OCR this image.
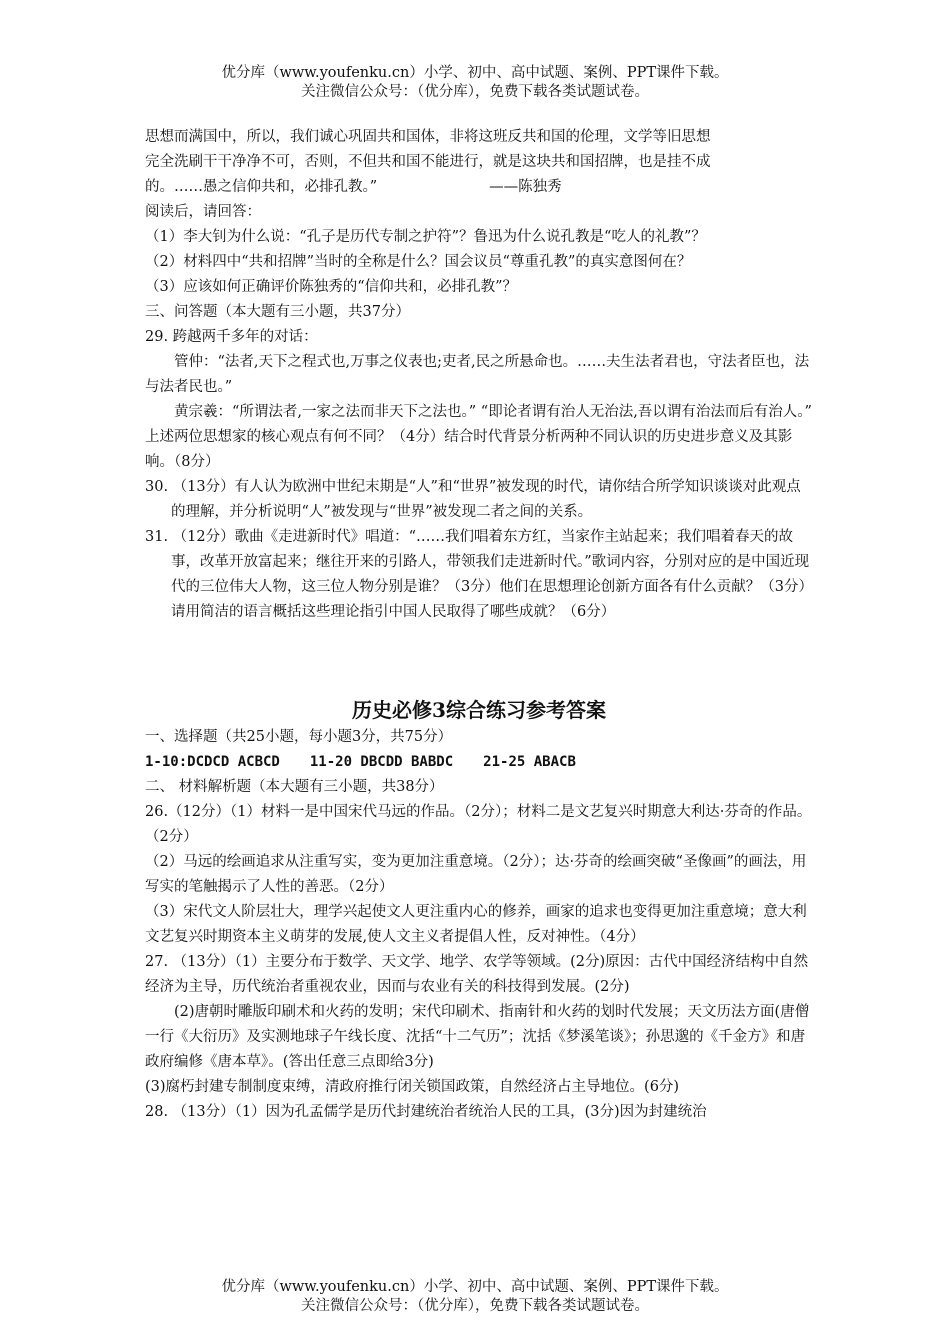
优分库（www.youfenku.cn）小学、初中、高中试题、案例、PPT课件下载。
关注微信公众号：（优分库），免费下载各类试题试卷。

思想而满国中，所以，我们诚心巩固共和国体，非将这班反共和国的伦理，文学等旧思想

完全洗刷干干净净不可，否则，不但共和国不能进行，就是这块共和国招牌，也是挂不成

的。……愚之信仰共和，必排孔教。”	——陈独秀

阅读后，请回答：

（1）李大钊为什么说：“孔子是历代专制之护符”？鲁迅为什么说孔教是“吃人的礼教”？

（2）材料四中“共和招牌”当时的全称是什么？国会议员“尊重孔教”的真实意图何在？

（3）应该如何正确评价陈独秀的“信仰共和，必排孔教”？

三、问答题（本大题有三小题，共37分）

29. 跨越两千多年的对话：

管仲：“法者,天下之程式也,万事之仪表也;吏者,民之所悬命也。……夫生法者君也，守法者臣也，法与法者民也。”

黄宗羲：“所谓法者,一家之法而非天下之法也。” “即论者谓有治人无治法,吾以谓有治法而后有治人。”

上述两位思想家的核心观点有何不同？（4分）结合时代背景分析两种不同认识的历史进步意义及其影响。（8分）

30. （13分）有人认为欧洲中世纪末期是“人”和“世界”被发现的时代，请你结合所学知识谈谈对此观点的理解，并分析说明“人”被发现与“世界”被发现二者之间的关系。

31. （12分）歌曲《走进新时代》唱道：“……我们唱着东方红，当家作主站起来；我们唱着春天的故事，改革开放富起来；继往开来的引路人，带领我们走进新时代。”歌词内容，分别对应的是中国近现代的三位伟大人物，这三位人物分别是谁？（3分）他们在思想理论创新方面各有什么贡献？（3分）请用简洁的语言概括这些理论指引中国人民取得了哪些成就？（6分）

历史必修3综合练习参考答案

一、选择题（共25小题，每小题3分，共75分）

1-10:DCDCD ACBCD 11-20 DBCDD BABDC 21-25 ABACB

二、 材料解析题（本大题有三小题，共38分）

26.（12分）（1）材料一是中国宋代马远的作品。（2分）；材料二是文艺复兴时期意大利达·芬奇的作品。（2分）

（2）马远的绘画追求从注重写实，变为更加注重意境。（2分）；达·芬奇的绘画突破“圣像画”的画法，用写实的笔触揭示了人性的善恶。（2分）

（3）宋代文人阶层壮大，理学兴起使文人更注重内心的修养，画家的追求也变得更加注重意境；意大利文艺复兴时期资本主义萌芽的发展,使人文主义者提倡人性，反对神性。（4分）

27. （13分）（1）主要分布于数学、天文学、地学、农学等领域。(2分)原因：古代中国经济结构中自然经济为主导，历代统治者重视农业，因而与农业有关的科技得到发展。(2分)

(2)唐朝时雕版印刷术和火药的发明；宋代印刷术、指南针和火药的划时代发展；天文历法方面(唐僧一行《大衍历》及实测地球子午线长度、沈括“十二气历”；沈括《梦溪笔谈》；孙思邈的《千金方》和唐政府编修《唐本草》。(答出任意三点即给3分)

(3)腐朽封建专制制度束缚，清政府推行闭关锁国政策，自然经济占主导地位。(6分)

28. （13分）（1）因为孔孟儒学是历代封建统治者统治人民的工具，(3分)因为封建统治

优分库（www.youfenku.cn）小学、初中、高中试题、案例、PPT课件下载。
关注微信公众号：（优分库），免费下载各类试题试卷。
